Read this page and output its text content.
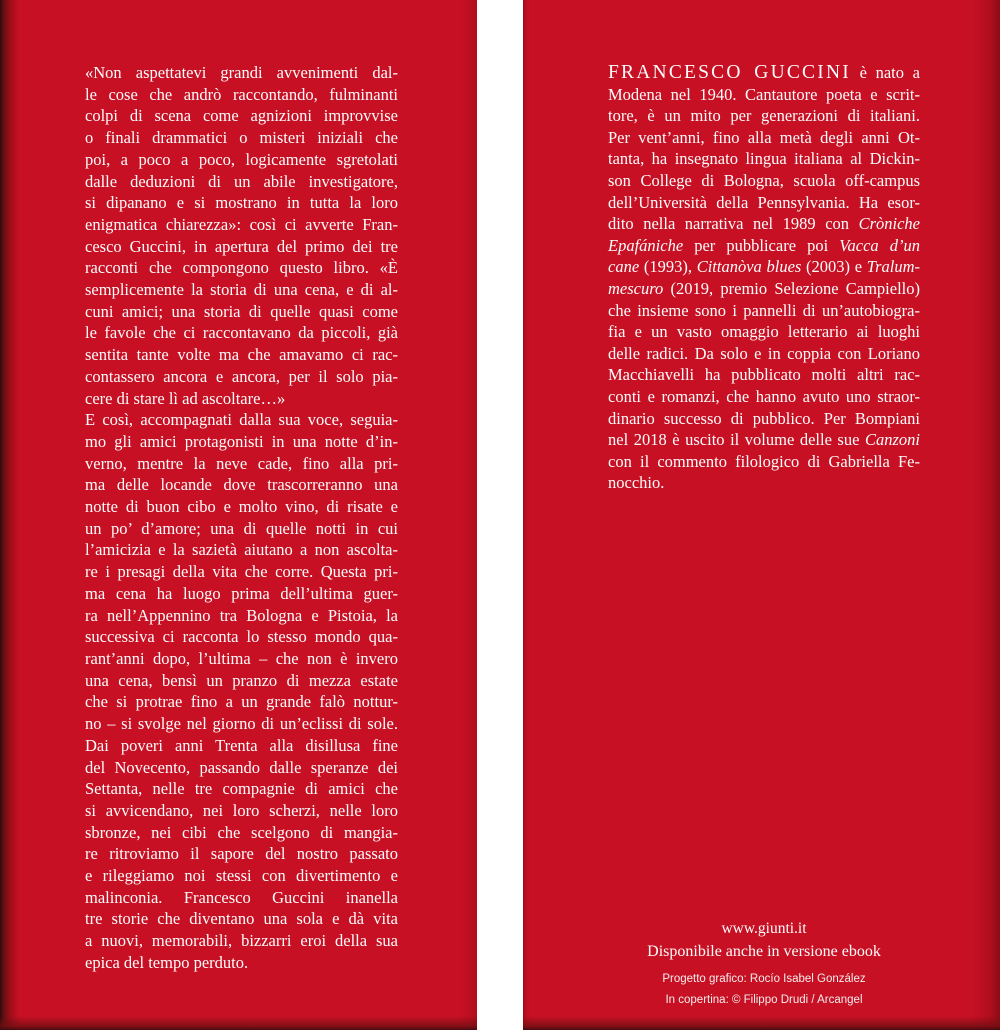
«Non aspettatevi grandi avvenimenti dal-
le cose che andrò raccontando, fulminanti
colpi di scena come agnizioni improvvise
o finali drammatici o misteri iniziali che
poi, a poco a poco, logicamente sgretolati
dalle deduzioni di un abile investigatore,
si dipanano e si mostrano in tutta la loro
enigmatica chiarezza»: così ci avverte Fran-
cesco Guccini, in apertura del primo dei tre
racconti che compongono questo libro. «È
semplicemente la storia di una cena, e di al-
cuni amici; una storia di quelle quasi come
le favole che ci raccontavano da piccoli, già
sentita tante volte ma che amavamo ci rac-
contassero ancora e ancora, per il solo pia-
cere di stare lì ad ascoltare…»
E così, accompagnati dalla sua voce, seguia-
mo gli amici protagonisti in una notte d’in-
verno, mentre la neve cade, fino alla pri-
ma delle locande dove trascorreranno una
notte di buon cibo e molto vino, di risate e
un po’ d’amore; una di quelle notti in cui
l’amicizia e la sazietà aiutano a non ascolta-
re i presagi della vita che corre. Questa pri-
ma cena ha luogo prima dell’ultima guer-
ra nell’Appennino tra Bologna e Pistoia, la
successiva ci racconta lo stesso mondo qua-
rant’anni dopo, l’ultima – che non è invero
una cena, bensì un pranzo di mezza estate
che si protrae fino a un grande falò nottur-
no – si svolge nel giorno di un’eclissi di sole.
Dai poveri anni Trenta alla disillusa fine
del Novecento, passando dalle speranze dei
Settanta, nelle tre compagnie di amici che
si avvicendano, nei loro scherzi, nelle loro
sbronze, nei cibi che scelgono di mangia-
re ritroviamo il sapore del nostro passato
e rileggiamo noi stessi con divertimento e
malinconia. Francesco Guccini inanella
tre storie che diventano una sola e dà vita
a nuovi, memorabili, bizzarri eroi della sua
epica del tempo perduto.
FRANCESCO GUCCINI è nato a
Modena nel 1940. Cantautore poeta e scrit-
tore, è un mito per generazioni di italiani.
Per vent’anni, fino alla metà degli anni Ot-
tanta, ha insegnato lingua italiana al Dickin-
son College di Bologna, scuola off-campus
dell’Università della Pennsylvania. Ha esor-
dito nella narrativa nel 1989 con Cròniche
Epafániche per pubblicare poi Vacca d’un
cane (1993), Cittanòva blues (2003) e Tralum-
mescuro (2019, premio Selezione Campiello)
che insieme sono i pannelli di un’autobiogra-
fia e un vasto omaggio letterario ai luoghi
delle radici. Da solo e in coppia con Loriano
Macchiavelli ha pubblicato molti altri rac-
conti e romanzi, che hanno avuto uno straor-
dinario successo di pubblico. Per Bompiani
nel 2018 è uscito il volume delle sue Canzoni
con il commento filologico di Gabriella Fe-
nocchio.
www.giunti.it
Disponibile anche in versione ebook
Progetto grafico: Rocío Isabel González
In copertina: © Filippo Drudi / Arcangel
